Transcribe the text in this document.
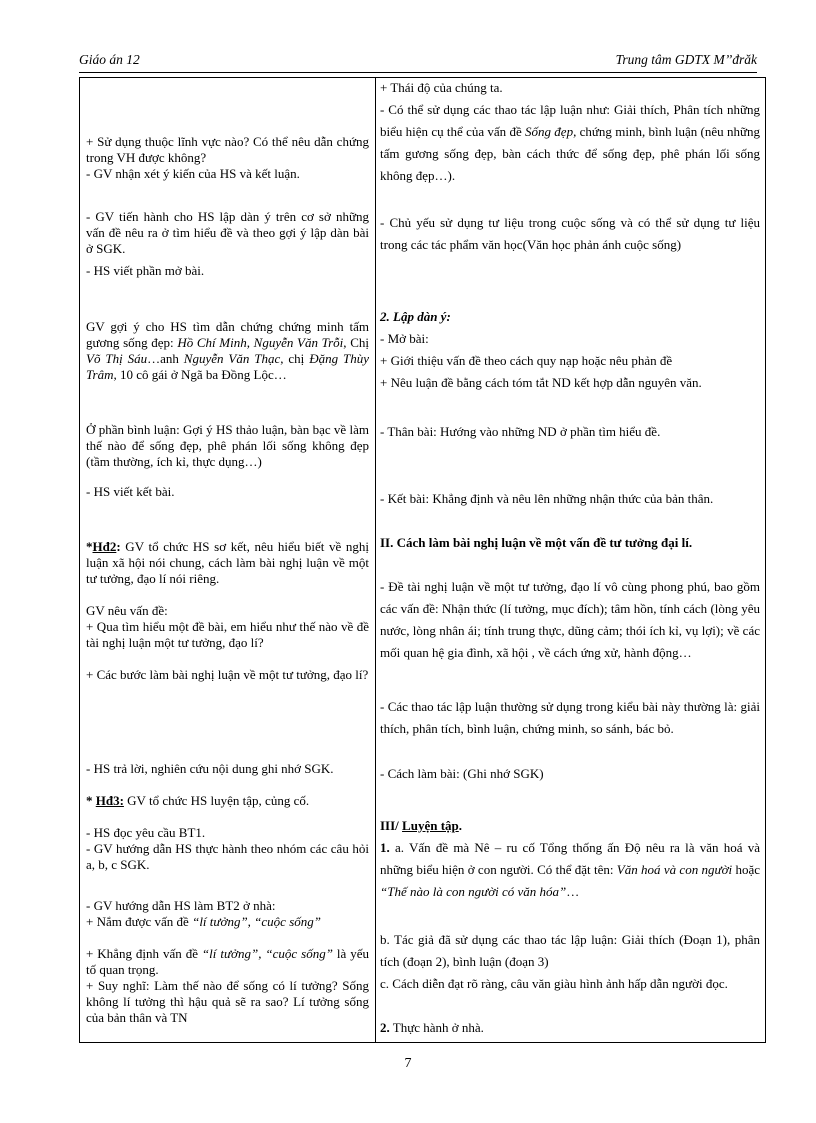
Giáo án 12	Trung tâm GDTX M’’đrăk
+ Sử dụng thuộc lĩnh vực nào? Có thể nêu dẫn chứng trong VH được không?
- GV nhận xét ý kiến của HS và kết luận.
- GV tiến hành cho HS lập dàn ý trên cơ sở những vấn đề nêu ra ở tìm hiểu đề và theo gợi ý lập dàn bài ở SGK.
- HS viết phần mở bài.
GV gợi ý cho HS tìm dẫn chứng chứng minh tấm gương sống đẹp: Hồ Chí Minh, Nguyễn Văn Trỗi, Chị Võ Thị Sáu…anh Nguyễn Văn Thạc, chị Đặng Thùy Trâm, 10 cô gái ở Ngã ba Đồng Lộc…
Ở phần bình luận: Gợi ý HS thảo luận, bàn bạc về làm thế nào để sống đẹp, phê phán lối sống không đẹp (tầm thường, ích kỉ, thực dụng…)
- HS viết kết bài.
*Hđ2: GV tổ chức HS sơ kết, nêu hiểu biết về nghị luận xã hội nói chung, cách làm bài nghị luận về một tư tưởng, đạo lí nói riêng.
GV nêu vấn đề:
+ Qua tìm hiểu một đề bài, em hiểu như thế nào về đề tài nghị luận một tư tưởng, đạo lí?
+ Các bước làm bài nghị luận về một tư tưởng, đạo lí?
- HS trả lời, nghiên cứu nội dung ghi nhớ SGK.
* Hđ3: GV tổ chức HS luyện tập, củng cố.
- HS đọc yêu cầu BT1.
- GV hướng dẫn HS thực hành theo nhóm các câu hỏi a, b, c SGK.
- GV hướng dẫn HS làm BT2 ở nhà:
+ Nắm được vấn đề “lí tưởng”, “cuộc sống”
+ Khẳng định vấn đề “lí tưởng”, “cuộc sống” là yếu tố quan trọng.
+ Suy nghĩ: Làm thế nào để sống có lí tưởng? Sống không lí tưởng thì hậu quả sẽ ra sao? Lí tưởng sống của bản thân và TN
+ Thái độ của chúng ta.
- Có thể sử dụng các thao tác lập luận như: Giải thích, Phân tích những biểu hiện cụ thể của vấn đề Sống đẹp, chứng minh, bình luận (nêu những tấm gương sống đẹp, bàn cách thức để sống đẹp, phê phán lối sống không đẹp…).
- Chủ yếu sử dụng tư liệu trong cuộc sống và có thể sử dụng tư liệu trong các tác phẩm văn học(Văn học phản ánh cuộc sống)
2. Lập dàn ý:
- Mở bài:
+ Giới thiệu vấn đề theo cách quy nạp hoặc nêu phản đề
+ Nêu luận đề bằng cách tóm tắt ND kết hợp dẫn nguyên văn.
- Thân bài: Hướng vào những ND ở phần tìm hiểu đề.
- Kết bài: Khẳng định và nêu lên những nhận thức của bản thân.
II. Cách làm bài nghị luận về một vấn đề tư tưởng đại lí.
- Đề tài nghị luận về một tư tưởng, đạo lí vô cùng phong phú, bao gồm các vấn đề: Nhận thức (lí tưởng, mục đích); tâm hồn, tính cách (lòng yêu nước, lòng nhân ái; tính trung thực, dũng cảm; thói ích kỉ, vụ lợi); về các mối quan hệ gia đình, xã hội , về cách ứng xử, hành động…
- Các thao tác lập luận thường sử dụng trong kiểu bài này thường là: giải thích, phân tích, bình luận, chứng minh, so sánh, bác bỏ.
- Cách làm bài: (Ghi nhớ SGK)
III/ Luyện tập.
1. a. Vấn đề mà Nê – ru cố Tổng thống ấn Độ nêu ra là văn hoá và những biểu hiện ở con người. Có thể đặt tên: Văn hoá và con người hoặc “Thế nào là con người có văn hóa”…
b. Tác giả đã sử dụng các thao tác lập luận: Giải thích (Đoạn 1), phân tích (đoạn 2), bình luận (đoạn 3)
c. Cách diễn đạt rõ ràng, câu văn giàu hình ảnh hấp dẫn người đọc.
2. Thực hành ở nhà.
7
